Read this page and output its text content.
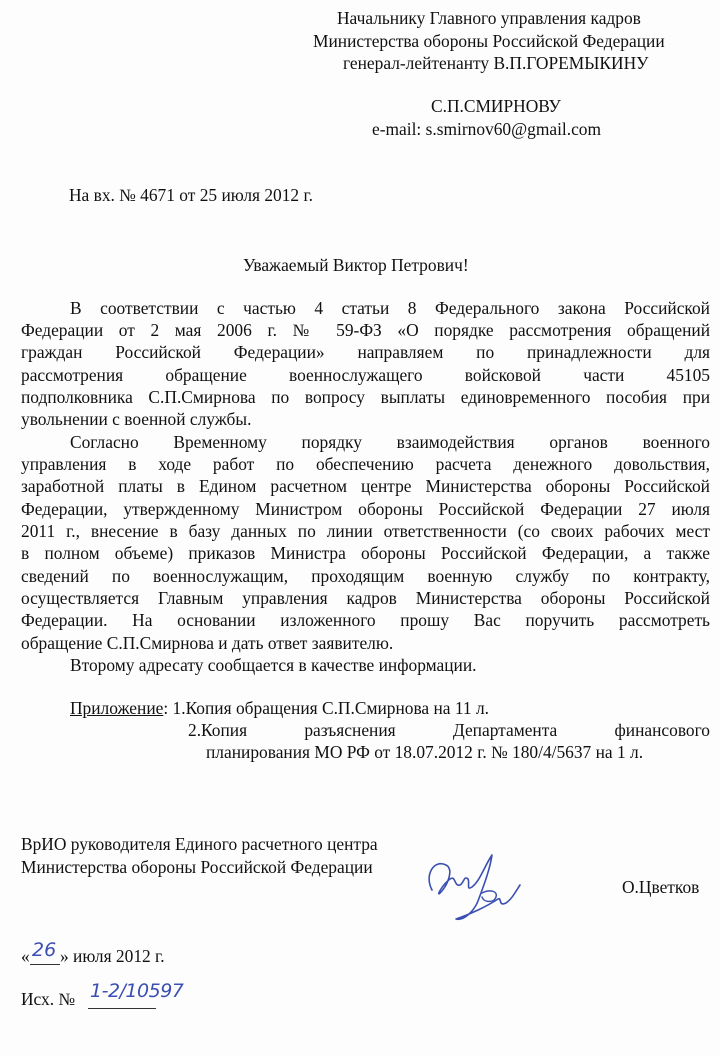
Начальнику Главного управления кадров
Министерства обороны Российской Федерации
генерал-лейтенанту В.П.ГОРЕМЫКИНУ
С.П.СМИРНОВУ
e-mail: s.smirnov60@gmail.com
На вх. № 4671 от 25 июля 2012 г.
Уважаемый Виктор Петрович!
В соответствии с частью 4 статьи 8 Федерального закона Российской
Федерации от 2 мая 2006 г. № 59-ФЗ «О порядке рассмотрения обращений
граждан Российской Федерации» направляем по принадлежности для
рассмотрения обращение военнослужащего войсковой части 45105
подполковника С.П.Смирнова по вопросу выплаты единовременного пособия при
увольнении с военной службы.
Согласно Временному порядку взаимодействия органов военного
управления в ходе работ по обеспечению расчета денежного довольствия,
заработной платы в Едином расчетном центре Министерства обороны Российской
Федерации, утвержденному Министром обороны Российской Федерации 27 июля
2011 г., внесение в базу данных по линии ответственности (со своих рабочих мест
в полном объеме) приказов Министра обороны Российской Федерации, а также
сведений по военнослужащим, проходящим военную службу по контракту,
осуществляется Главным управления кадров Министерства обороны Российской
Федерации. На основании изложенного прошу Вас поручить рассмотреть
обращение С.П.Смирнова и дать ответ заявителю.
Второму адресату сообщается в качестве информации.
Приложение: 1.Копия обращения С.П.Смирнова на 11 л.
2.Копия разъяснения Департамента финансового
планирования МО РФ от 18.07.2012 г. № 180/4/5637 на 1 л.
ВрИО руководителя Единого расчетного центра
Министерства обороны Российской Федерации
О.Цветков
« 26 » июля 2012 г.
Исх. № 1-2/10597
